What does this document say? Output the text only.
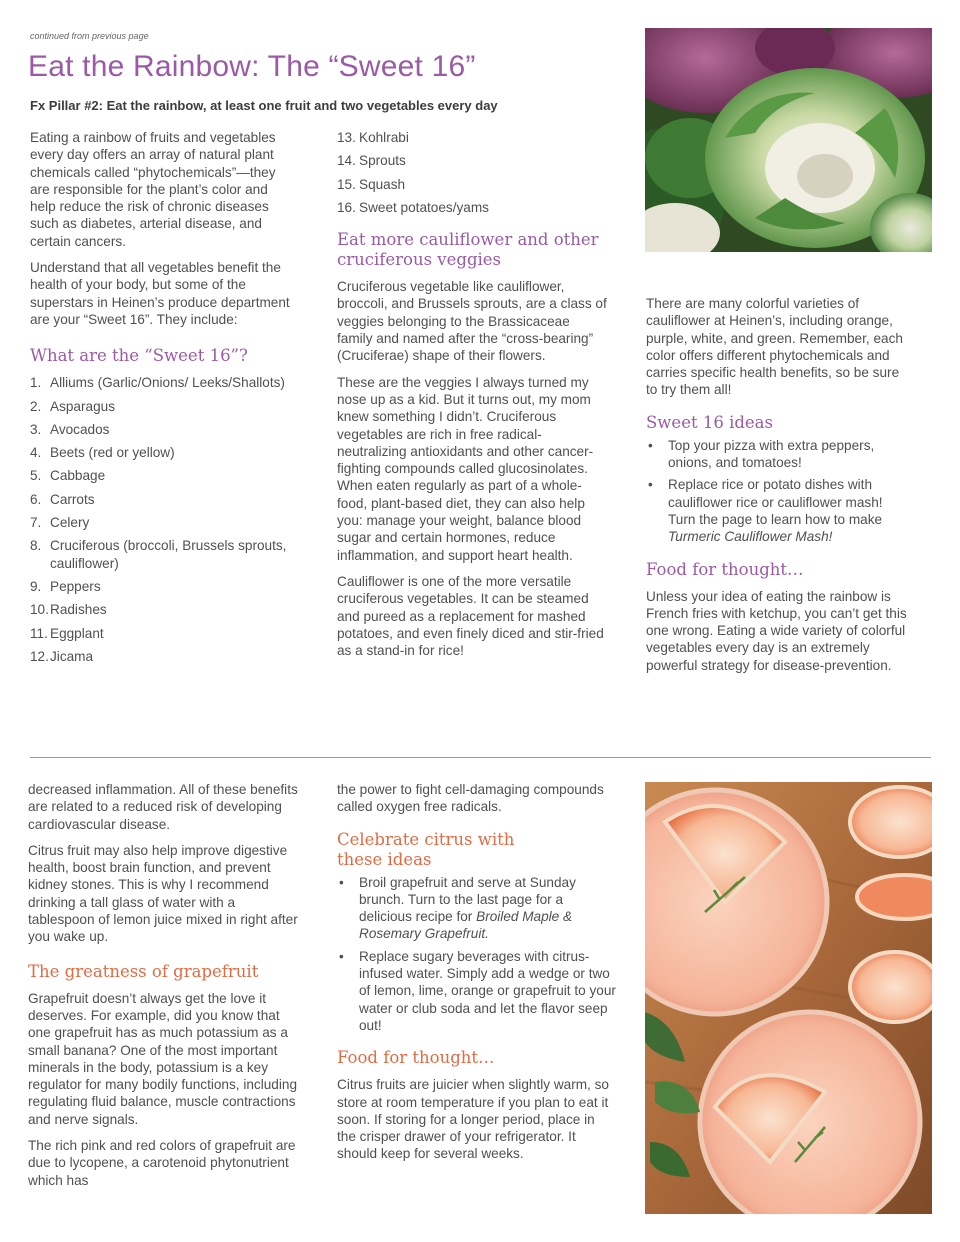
continued from previous page
Eat the Rainbow: The “Sweet 16”
Fx Pillar #2: Eat the rainbow, at least one fruit and two vegetables every day

Eating a rainbow of fruits and vegetables every day offers an array of natural plant chemicals called “phytochemicals”—they are responsible for the plant’s color and help reduce the risk of chronic diseases such as diabetes, arterial disease, and certain cancers.

Understand that all vegetables benefit the health of your body, but some of the superstars in Heinen’s produce department are your “Sweet 16”. They include:

What are the “Sweet 16”?
1. Alliums (Garlic/Onions/ Leeks/Shallots)
2. Asparagus
3. Avocados
4. Beets (red or yellow)
5. Cabbage
6. Carrots
7. Celery
8. Cruciferous (broccoli, Brussels sprouts, cauliflower)
9. Peppers
10. Radishes
11. Eggplant
12. Jicama
13. Kohlrabi
14. Sprouts
15. Squash
16. Sweet potatoes/yams
Eat more cauliflower and other cruciferous veggies

Cruciferous vegetable like cauliflower, broccoli, and Brussels sprouts, are a class of veggies belonging to the Brassicaceae family and named after the “cross-bearing” (Cruciferae) shape of their flowers.

These are the veggies I always turned my nose up as a kid. But it turns out, my mom knew something I didn’t. Cruciferous vegetables are rich in free radical-neutralizing antioxidants and other cancer-fighting compounds called glucosinolates. When eaten regularly as part of a whole-food, plant-based diet, they can also help you: manage your weight, balance blood sugar and certain hormones, reduce inflammation, and support heart health.

Cauliflower is one of the more versatile cruciferous vegetables. It can be steamed and pureed as a replacement for mashed potatoes, and even finely diced and stir-fried as a stand-in for rice!

There are many colorful varieties of cauliflower at Heinen’s, including orange, purple, white, and green. Remember, each color offers different phytochemicals and carries specific health benefits, so be sure to try them all!

Sweet 16 ideas
• Top your pizza with extra peppers, onions, and tomatoes!
• Replace rice or potato dishes with cauliflower rice or cauliflower mash! Turn the page to learn how to make Turmeric Cauliflower Mash!
Food for thought…

Unless your idea of eating the rainbow is French fries with ketchup, you can’t get this one wrong. Eating a wide variety of colorful vegetables every day is an extremely powerful strategy for disease-prevention.

decreased inflammation. All of these benefits are related to a reduced risk of developing cardiovascular disease.

Citrus fruit may also help improve digestive health, boost brain function, and prevent kidney stones. This is why I recommend drinking a tall glass of water with a tablespoon of lemon juice mixed in right after you wake up.

The greatness of grapefruit

Grapefruit doesn’t always get the love it deserves. For example, did you know that one grapefruit has as much potassium as a small banana? One of the most important minerals in the body, potassium is a key regulator for many bodily functions, including regulating fluid balance, muscle contractions and nerve signals.

The rich pink and red colors of grapefruit are due to lycopene, a carotenoid phytonutrient which has

the power to fight cell-damaging compounds called oxygen free radicals.

Celebrate citrus with these ideas
• Broil grapefruit and serve at Sunday brunch. Turn to the last page for a delicious recipe for Broiled Maple & Rosemary Grapefruit.
• Replace sugary beverages with citrus-infused water. Simply add a wedge or two of lemon, lime, orange or grapefruit to your water or club soda and let the flavor seep out!
Food for thought…

Citrus fruits are juicier when slightly warm, so store at room temperature if you plan to eat it soon. If storing for a longer period, place in the crisper drawer of your refrigerator. It should keep for several weeks.
